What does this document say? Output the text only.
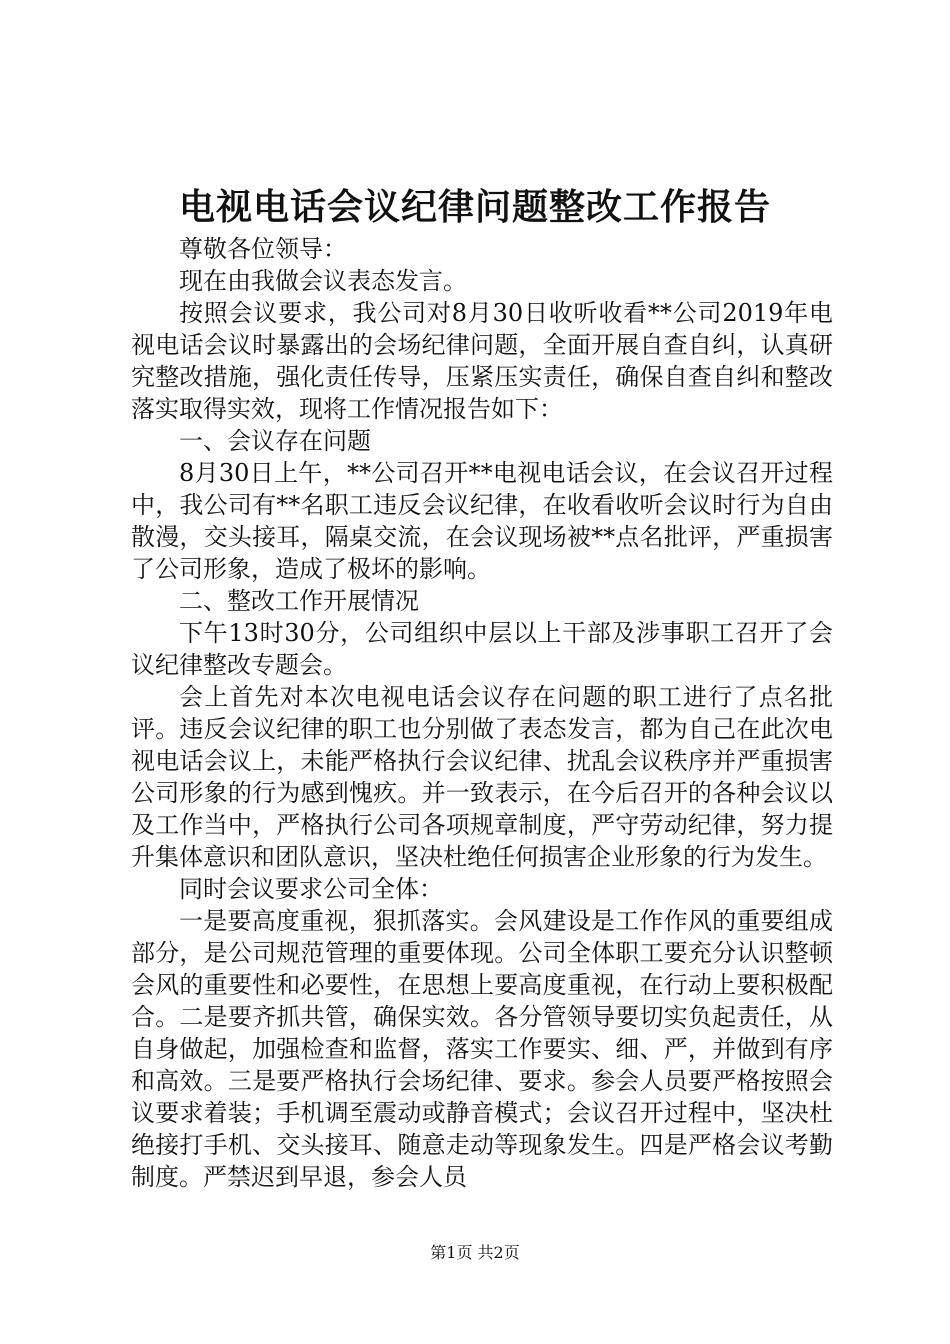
电视电话会议纪律问题整改工作报告

尊敬各位领导：

现在由我做会议表态发言。

按照会议要求，我公司对8月30日收听收看**公司2019年电视电话会议时暴露出的会场纪律问题，全面开展自查自纠，认真研究整改措施，强化责任传导，压紧压实责任，确保自查自纠和整改落实取得实效，现将工作情况报告如下：

一、会议存在问题

8月30日上午，**公司召开**电视电话会议，在会议召开过程中，我公司有**名职工违反会议纪律，在收看收听会议时行为自由散漫，交头接耳，隔桌交流，在会议现场被**点名批评，严重损害了公司形象，造成了极坏的影响。

二、整改工作开展情况

下午13时30分，公司组织中层以上干部及涉事职工召开了会议纪律整改专题会。

会上首先对本次电视电话会议存在问题的职工进行了点名批评。违反会议纪律的职工也分别做了表态发言，都为自己在此次电视电话会议上，未能严格执行会议纪律、扰乱会议秩序并严重损害公司形象的行为感到愧疚。并一致表示，在今后召开的各种会议以及工作当中，严格执行公司各项规章制度，严守劳动纪律，努力提升集体意识和团队意识，坚决杜绝任何损害企业形象的行为发生。

同时会议要求公司全体：

一是要高度重视，狠抓落实。会风建设是工作作风的重要组成部分，是公司规范管理的重要体现。公司全体职工要充分认识整顿会风的重要性和必要性，在思想上要高度重视，在行动上要积极配合。二是要齐抓共管，确保实效。各分管领导要切实负起责任，从自身做起，加强检查和监督，落实工作要实、细、严，并做到有序和高效。三是要严格执行会场纪律、要求。参会人员要严格按照会议要求着装；手机调至震动或静音模式；会议召开过程中，坚决杜绝接打手机、交头接耳、随意走动等现象发生。四是严格会议考勤制度。严禁迟到早退，参会人员

第1页 共2页
